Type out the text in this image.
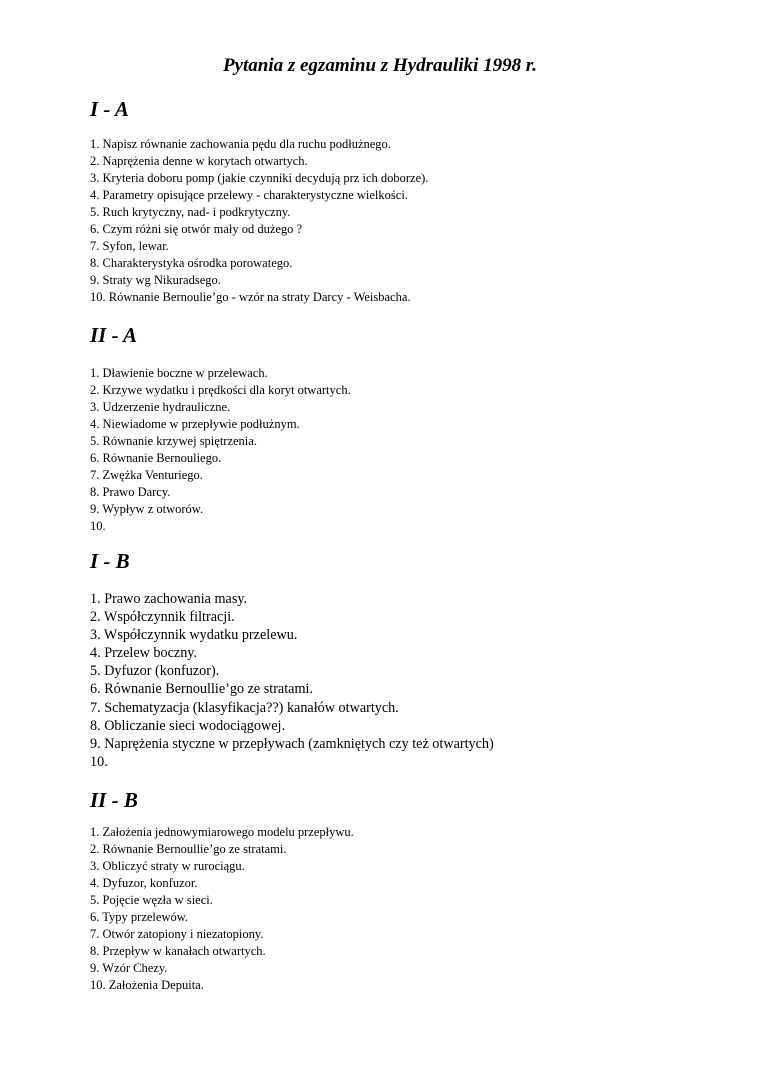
Pytania z egzaminu z Hydrauliki 1998 r.
I - A
1. Napisz równanie zachowania pędu dla ruchu podłużnego.
2. Naprężenia denne w korytach otwartych.
3. Kryteria doboru pomp (jakie czynniki decydują prz ich doborze).
4. Parametry opisujące przelewy - charakterystyczne wielkości.
5. Ruch krytyczny, nad- i podkrytyczny.
6. Czym różni się otwór mały od dużego ?
7. Syfon, lewar.
8. Charakterystyka ośrodka porowatego.
9. Straty wg Nikuradsego.
10. Równanie Bernoulie’go - wzór na straty Darcy - Weisbacha.
II - A
1. Dławienie boczne w przelewach.
2. Krzywe wydatku i prędkości dla koryt otwartych.
3. Udzerzenie hydrauliczne.
4. Niewiadome w przepływie podłużnym.
5. Równanie krzywej spiętrzenia.
6. Równanie Bernouliego.
7. Zwężka Venturiego.
8. Prawo Darcy.
9. Wypływ z otworów.
10.
I - B
1. Prawo zachowania masy.
2. Współczynnik filtracji.
3. Współczynnik wydatku przelewu.
4. Przelew boczny.
5. Dyfuzor (konfuzor).
6. Równanie Bernoullie’go ze stratami.
7. Schematyzacja (klasyfikacja??) kanałów otwartych.
8. Obliczanie sieci wodociągowej.
9. Naprężenia styczne w przepływach (zamkniętych czy też otwartych)
10.
II - B
1. Założenia jednowymiarowego modelu przepływu.
2. Równanie Bernoullie’go ze stratami.
3. Obliczyć straty w rurociągu.
4. Dyfuzor, konfuzor.
5. Pojęcie węzła w sieci.
6. Typy przelewów.
7. Otwór zatopiony i niezatopiony.
8. Przepływ w kanałach otwartych.
9. Wzór Chezy.
10. Założenia Depuita.
